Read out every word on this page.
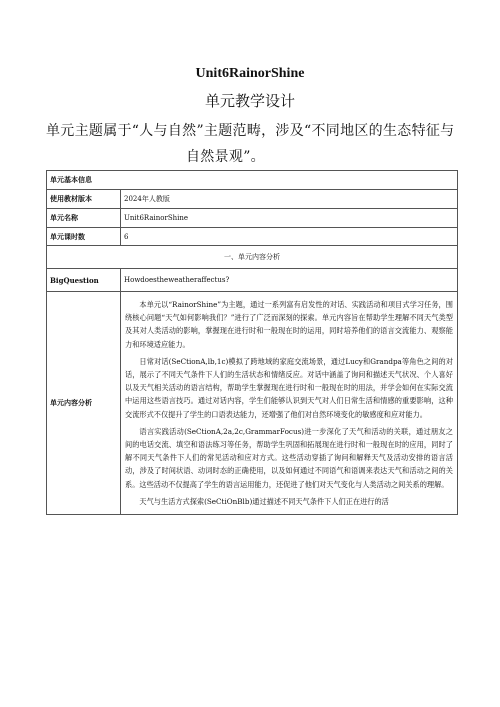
Unit6RainorShine
单元教学设计
单元主题属于“人与自然”主题范畴，涉及“不同地区的生态特征与
自然景观”。
单元基本信息	
使用教材版本	2024年人教版
单元名称	Unit6RainorShine
单元课时数	6
一、单元内容分析	
BigQuestion	Howdoestheweatheraffectus?
单元内容分析	本单元以“RainorShine”为主题，通过一系列富有启发性的对话、实践活动和项目式学习任务，围绕核心问题“天气如何影响我们？”进行了广泛而深刻的探索。单元内容旨在帮助学生理解不同天气类型及其对人类活动的影响，掌握现在进行时和一般现在时的运用，同时培养他们的语言交流能力、观察能力和环境适应能力。

日常对话(SeCtionA,lb,1c)模拟了跨地域的家庭交流场景，通过Lucy和Grandpa等角色之间的对话，展示了不同天气条件下人们的生活状态和情绪反应。对话中涵盖了询问和描述天气状况、个人喜好以及天气相关活动的语言结构，帮助学生掌握现在进行时和一般现在时的用法，并学会如何在实际交流中运用这些语言技巧。通过对话内容，学生们能够认识到天气对人们日常生活和情感的重要影响，这种交流形式不仅提升了学生的口语表达能力，还增强了他们对自然环境变化的敏感度和应对能力。

语言实践活动(SeCtionA,2a,2c,GrammarFocus)进一步深化了天气和活动的关联，通过朋友之间的电话交流、填空和语法练习等任务，帮助学生巩固和拓展现在进行时和一般现在时的应用，同时了解不同天气条件下人们的常见活动和应对方式。这些活动穿插了询问和解释天气及活动安排的语言活动，涉及了时间状语、动词时态的正确使用，以及如何通过不同语气和语调来表达天气和活动之间的关系。这些活动不仅提高了学生的语言运用能力，还促进了他们对天气变化与人类活动之间关系的理解。

天气与生活方式探索(SeCtiOnBlb)通过描述不同天气条件下人们正在进行的活
